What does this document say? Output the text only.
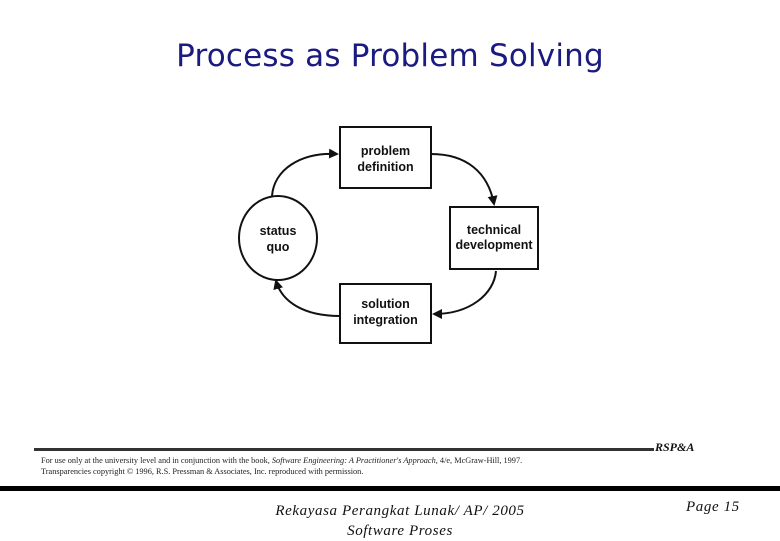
Process as Problem Solving
problem
definition
technical
development
solution
integration
status
quo
RSP&A
For use only at the university level and in conjunction with the book, Software Engineering: A Practitioner's Approach, 4/e, McGraw-Hill, 1997.
Transparencies copyright © 1996, R.S. Pressman & Associates, Inc. reproduced with permission.
Rekayasa Perangkat Lunak/ AP/ 2005
Software Proses
Page 15
